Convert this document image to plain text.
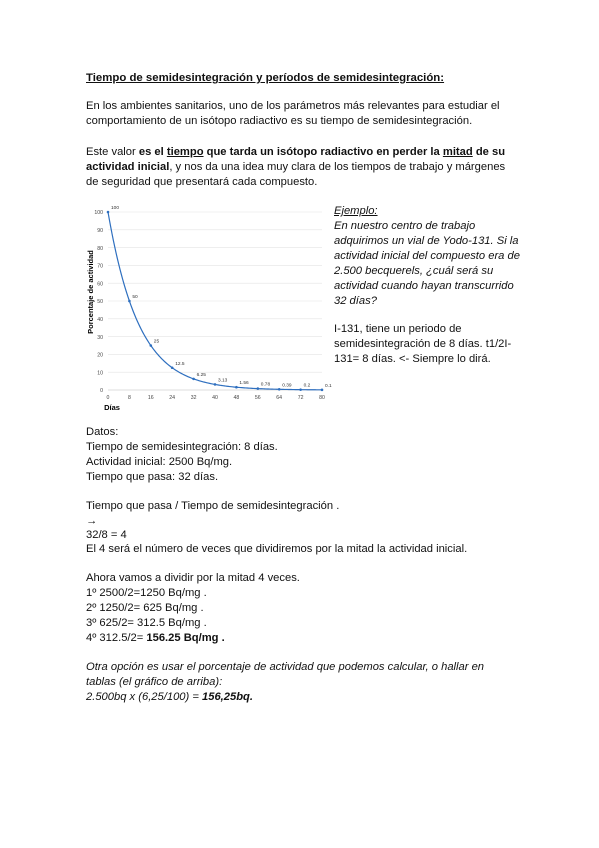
Tiempo de semidesintegración y períodos de semidesintegración:

En los ambientes sanitarios, uno de los parámetros más relevantes para estudiar el comportamiento de un isótopo radiactivo es su tiempo de semidesintegración.

Este valor es el tiempo que tarda un isótopo radiactivo en perder la mitad de su actividad inicial, y nos da una idea muy clara de los tiempos de trabajo y márgenes de seguridad que presentará cada compuesto.

0
10
20
30
40
50
60
70
80
90
100
0	8	16	24	32	40	48	56	64	72	80
100
50
25
12.5
6.25
3.13
1.56	0.78	0.39	0.2	0.1
Porcentaje de actividad
Días
Ejemplo:
En nuestro centro de trabajo adquirimos un vial de Yodo-131. Si la actividad inicial del compuesto era de 2.500 becquerels, ¿cuál será su actividad cuando hayan transcurrido 32 días?
I-131, tiene un periodo de semidesintegración de 8 días. t1/2I-131= 8 días. <- Siempre lo dirá.
Datos:
Tiempo de semidesintegración: 8 días.
Actividad inicial: 2500 Bq/mg.
Tiempo que pasa: 32 días.
Tiempo que pasa / Tiempo de semidesintegración .
→
32/8 = 4
El 4 será el número de veces que dividiremos por la mitad la actividad inicial.
Ahora vamos a dividir por la mitad 4 veces.
1º 2500/2=1250 Bq/mg .
2º 1250/2= 625 Bq/mg .
3º 625/2= 312.5 Bq/mg .
4º 312.5/2= 156.25 Bq/mg .

Otra opción es usar el porcentaje de actividad que podemos calcular, o hallar en tablas (el gráfico de arriba):

2.500bq x (6,25/100) = 156,25bq.
